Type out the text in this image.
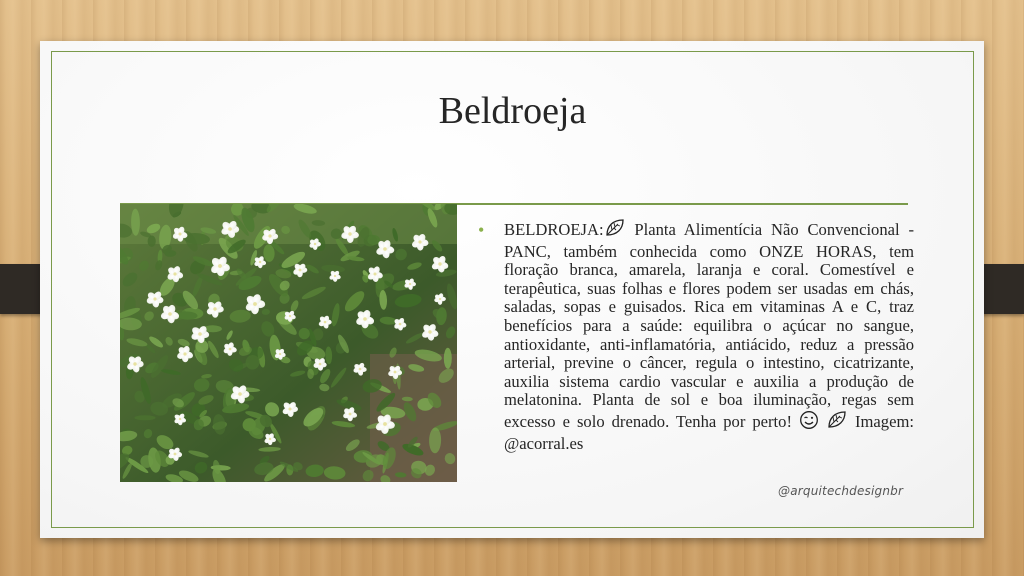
Beldroeja
• BELDROEJA: Planta Alimentícia Não Convencional - PANC, também conhecida como ONZE HORAS, tem floração branca, amarela, laranja e coral. Comestível e terapêutica, suas folhas e flores podem ser usadas em chás, saladas, sopas e guisados. Rica em vitaminas A e C, traz benefícios para a saúde: equilibra o açúcar no sangue, antioxidante, anti-inflamatória, antiácido, reduz a pressão arterial, previne o câncer, regula o intestino, cicatrizante, auxilia sistema cardio vascular e auxilia a produção de melatonina. Planta de sol e boa iluminação, regas sem excesso e solo drenado. Tenha por perto!	Imagem: @acorral.es
@arquitechdesignbr
